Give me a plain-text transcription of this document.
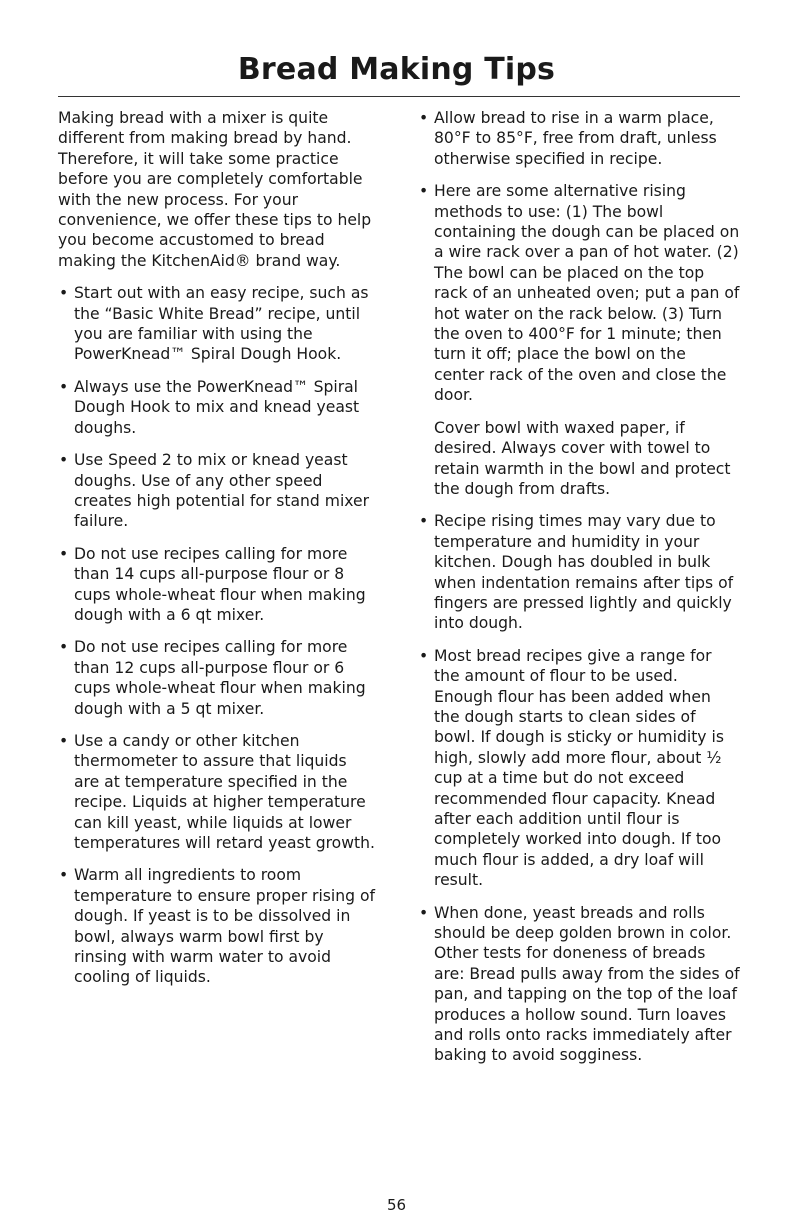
Bread Making Tips

Making bread with a mixer is quite different from making bread by hand. Therefore, it will take some practice before you are completely comfortable with the new process. For your convenience, we offer these tips to help you become accustomed to bread making the KitchenAid® brand way.

• Start out with an easy recipe, such as the “Basic White Bread” recipe, until you are familiar with using the PowerKnead™ Spiral Dough Hook.
• Always use the PowerKnead™ Spiral Dough Hook to mix and knead yeast doughs.
• Use Speed 2 to mix or knead yeast doughs. Use of any other speed creates high potential for stand mixer failure.
• Do not use recipes calling for more than 14 cups all-purpose flour or 8 cups whole-wheat flour when making dough with a 6 qt mixer.
• Do not use recipes calling for more than 12 cups all-purpose flour or 6 cups whole-wheat flour when making dough with a 5 qt mixer.
• Use a candy or other kitchen thermometer to assure that liquids are at temperature specified in the recipe. Liquids at higher temperature can kill yeast, while liquids at lower temperatures will retard yeast growth.
• Warm all ingredients to room temperature to ensure proper rising of dough. If yeast is to be dissolved in bowl, always warm bowl first by rinsing with warm water to avoid cooling of liquids.
• Allow bread to rise in a warm place, 80°F to 85°F, free from draft, unless otherwise specified in recipe.
• Here are some alternative rising methods to use: (1) The bowl containing the dough can be placed on a wire rack over a pan of hot water. (2) The bowl can be placed on the top rack of an unheated oven; put a pan of hot water on the rack below. (3) Turn the oven to 400°F for 1 minute; then turn it off; place the bowl on the center rack of the oven and close the door.
Cover bowl with waxed paper, if desired. Always cover with towel to retain warmth in the bowl and protect the dough from drafts.
• Recipe rising times may vary due to temperature and humidity in your kitchen. Dough has doubled in bulk when indentation remains after tips of fingers are pressed lightly and quickly into dough.
• Most bread recipes give a range for the amount of flour to be used. Enough flour has been added when the dough starts to clean sides of bowl. If dough is sticky or humidity is high, slowly add more flour, about ½ cup at a time but do not exceed recommended flour capacity. Knead after each addition until flour is completely worked into dough. If too much flour is added, a dry loaf will result.
• When done, yeast breads and rolls should be deep golden brown in color. Other tests for doneness of breads are: Bread pulls away from the sides of pan, and tapping on the top of the loaf produces a hollow sound. Turn loaves and rolls onto racks immediately after baking to avoid sogginess.
56
